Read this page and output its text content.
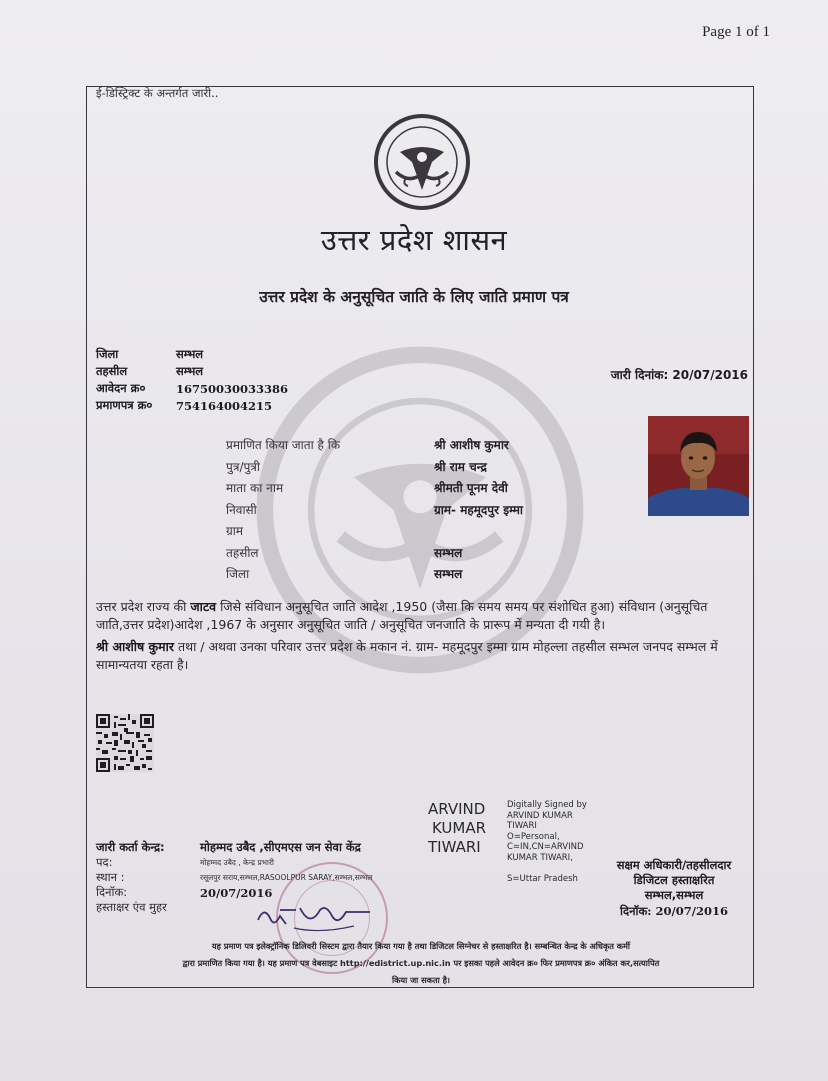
Page 1 of 1
ई-डिस्ट्रिक्ट के अन्तर्गत जारी..
उत्तर प्रदेश शासन
उत्तर प्रदेश के अनुसूचित जाति के लिए जाति प्रमाण पत्र
जिला	सम्भल
तहसील	सम्भल
आवेदन क्र०	16750030033386
प्रमाणपत्र क्र०	754164004215
जारी दिनांक: 20/07/2016
प्रमाणित किया जाता है कि	श्री आशीष कुमार
पुत्र/पुत्री	श्री राम चन्द्र
माता का नाम	श्रीमती पूनम देवी
निवासी	ग्राम- महमूदपुर इम्मा
ग्राम
तहसील	सम्भल
जिला	सम्भल

उत्तर प्रदेश राज्य की जाटव जिसे संविधान अनुसूचित जाति आदेश ,1950 (जैसा कि समय समय पर संशोधित हुआ) संविधान (अनुसूचित जाति,उत्तर प्रदेश)आदेश ,1967 के अनुसार अनुसूचित जाति / अनुसूचित जनजाति के प्रारूप में मन्यता दी गयी है।

श्री आशीष कुमार तथा / अथवा उनका परिवार उत्तर प्रदेश के मकान नं. ग्राम- महमूदपुर इम्मा ग्राम मोहल्ला तहसील सम्भल जनपद सम्भल में सामान्यतया रहता है।

ARVIND
KUMAR
TIWARI
Digitally Signed by
ARVIND KUMAR
TIWARI
O=Personal,
C=IN,CN=ARVIND
KUMAR TIWARI,
S=Uttar Pradesh
जारी कर्ता केन्द्र:	मोहम्मद उबैद ,सीएमएस जन सेवा केंद्र
पद:	मोहम्मद उबैद , केन्द्र प्रभारी
स्थान :	रसूलपुर सराय,सम्भल,RASOOLPUR SARAY,सम्भल,सम्भल
दिनॉक:	20/07/2016
हस्ताक्षर एंव मुहर
सक्षम अधिकारी/तहसीलदार
डिजिटल हस्ताक्षरित
सम्भल,सम्भल
दिनॉक: 20/07/2016
यह प्रमाण पत्र इलेक्ट्रॉनिक डिलिवरी सिस्टम द्वारा तैयार किया गया है तथा डिजिटल सिग्नेचर से हस्ताक्षरित है। सम्बन्धित केन्द्र के अधिकृत कर्मी
द्वारा प्रमाणित किया गया है। यह प्रमाण पत्र वेबसाइट http://edistrict.up.nic.in पर इसका पहले आवेदन क्र० फिर प्रमाणपत्र क्र० अंकित कर,सत्यापित
किया जा सकता है।
